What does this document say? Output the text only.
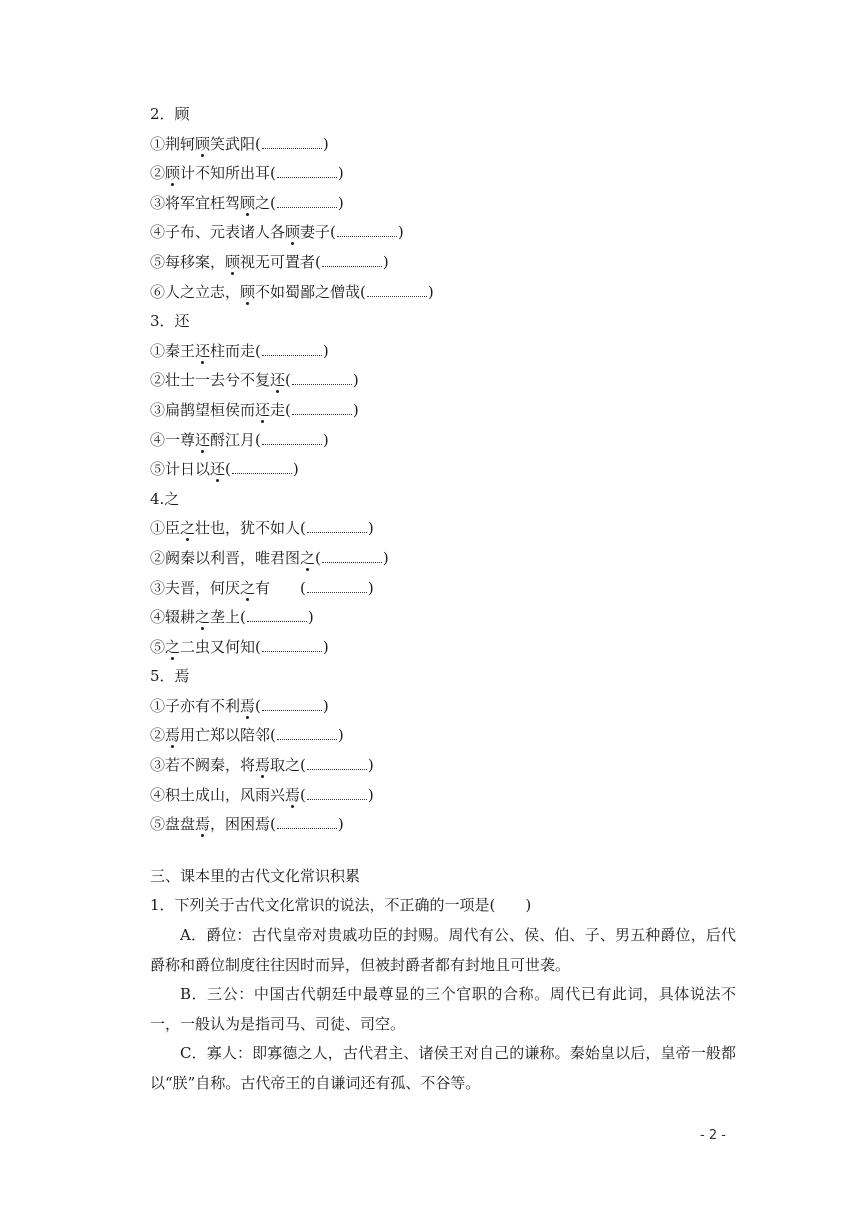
2．顾
①荆轲顾笑武阳(	)
②顾计不知所出耳(	)
③将军宜枉驾顾之(	)
④子布、元表诸人各顾妻子(	)
⑤每移案，顾视无可置者(	)
⑥人之立志，顾不如蜀鄙之僧哉(	)
3．还
①秦王还柱而走(	)
②壮士一去兮不复还(	)
③扁鹊望桓侯而还走(	)
④一尊还酹江月(	)
⑤计日以还(	)
4.之
①臣之壮也，犹不如人(	)
②阙秦以利晋，唯君图之(	)
③夫晋，何厌之有　　(	)
④辍耕之垄上(	)
⑤之二虫又何知(	)
5．焉
①子亦有不利焉(	)
②焉用亡郑以陪邻(	)
③若不阙秦，将焉取之(	)
④积土成山，风雨兴焉(	)
⑤盘盘焉，困困焉(	)
三、课本里的古代文化常识积累
1．下列关于古代文化常识的说法，不正确的一项是(　　)
A．爵位：古代皇帝对贵戚功臣的封赐。周代有公、侯、伯、子、男五种爵位，后代爵称和爵位制度往往因时而异，但被封爵者都有封地且可世袭。
B．三公：中国古代朝廷中最尊显的三个官职的合称。周代已有此词，具体说法不一，一般认为是指司马、司徒、司空。
C．寡人：即寡德之人，古代君主、诸侯王对自己的谦称。秦始皇以后，皇帝一般都以“朕”自称。古代帝王的自谦词还有孤、不谷等。
- 2 -
